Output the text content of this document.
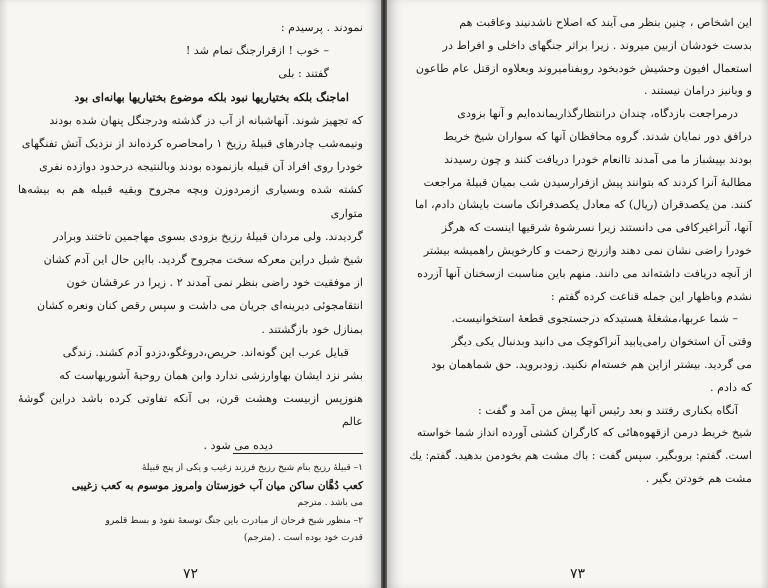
نمودند . پرسیدم :

– خوب ! ازقرارجنگ تمام شد !

گفتند : بلی

اماجنگ بلکه بختیاریها نبود بلکه موضوع بختیاریها بهانه‌ای بود

که تجهیز شوند. آنهاشبانه از آب دز گذشته ودرجنگل پنهان شده بودند

ونیمه‌شب چادرهای قبیلهٔ رزیخ ۱ رامحاصره کرده‌اند از نزدیک آتش تفنگهای

خودرا روی افراد آن قبیله بازنموده بودند وبالنتیجه درحدود دوازده نفری

کشته شده وبسیاری ازمردوزن وبچه مجروح وبقیه قبیله هم به بیشه‌ها متواری

گردیدند. ولی مردان قبیلهٔ رزیخ بزودی بسوی مهاجمین تاختند وبرادر

شیخ شبل دراین معرکه سخت مجروح گردید. بااین حال این آدم کشان

از موفقیت خود راضی بنظر نمی آمدند ۲ . زیرا در عرقشان خون

انتقامجوئی دیرینه‌ای جریان می داشت و سپس رقص کنان ونعره کشان

بمنازل خود بازگشتند .

قبایل عرب این گونه‌اند. حریص،دروغگو،دزدو آدم کشند. زندگی

بشر نزد ایشان بهاوارزشی ندارد وابن همان روحیهٔ آشوریهاست که

هنوزپس ازبیست وهشت قرن، بی آنکه تفاوتی کرده باشد دراین گوشهٔ عالم

دیده می شود .

۱– قبیلهٔ رزیخ بنام شیخ رزیخ فرزند زغیب و یکی از پنج قبیلهٔ

کعب دُهَّان ساکن میان آب خوزستان وامروز موسوم به کعب زغیبی

می باشد . مترجم

۲– منظور شیخ فرحان از مبادرت باین جنگ توسعهٔ نفوذ و بسط قلمرو

قدرت خود بوده است . (مترجم)

۷۲

این اشخاص ، چنین بنظر می آیند که اصلاح ناشدنیند وعاقبت هم

بدست خودشان ازبین میروند . زیرا براثر جنگهای داخلی و افراط در

استعمال افیون وحشیش خودبخود روبفنامیروند وبعلاوه ازقتل عام طاعون

و وبانیز درامان نیستند .

درمراجعت بازدگاه، چندان درانتظارگذاریمانده‌ایم و آنها بزودی

درافق دور نمایان شدند. گروه محافظان آنها که سواران شیخ خریط

بودند بپیشباز ما می آمدند تاانعام خودرا دریافت کنند و چون رسیدند

مطالبهٔ آنرا کردند که بتوانند پیش ازفرارسیدن شب بمیان قبیلهٔ مراجعت

کنند. من یکصدقران (ریال) که معادل یکصدفرانک ماست بایشان دادم، اما

آنها، آنراغیرکافی می دانستند زیرا نسرشوهٔ شرقیها اینست که هرگز

خودرا راضی نشان نمی دهند وازرنج زحمت و کارخویش راهمیشه بیشتر

از آنچه دریافت داشته‌اند می دانند. منهم باین مناسبت ازسخنان آنها آزرده

نشدم وباظهار این جمله قناعت کرده گفتم :

– شما عربها،مشغلهٔ هستیدکه درجستجوی قطعهٔ استخوانیست.

وقتی آن استخوان رامی‌یابید آنراکوچک می دانید وبدنبال یکی دیگر

می گردید. بیشتر ازاین هم خسته‌ام نکنید. زودبروید. حق شماهمان بود

که دادم .

آنگاه بکناری رفتند و بعد رئیس آنها پیش من آمد و گفت :

شیخ خریط درمن ازقهوه‌هائی که کارگران کشتی آورده انداز شما خواسته

است. گفتم: بروبگیر. سپس گفت : باك مشت هم بخودمن بدهید. گفتم: یك

مشت هم خودتن بگیر .

۷۳
